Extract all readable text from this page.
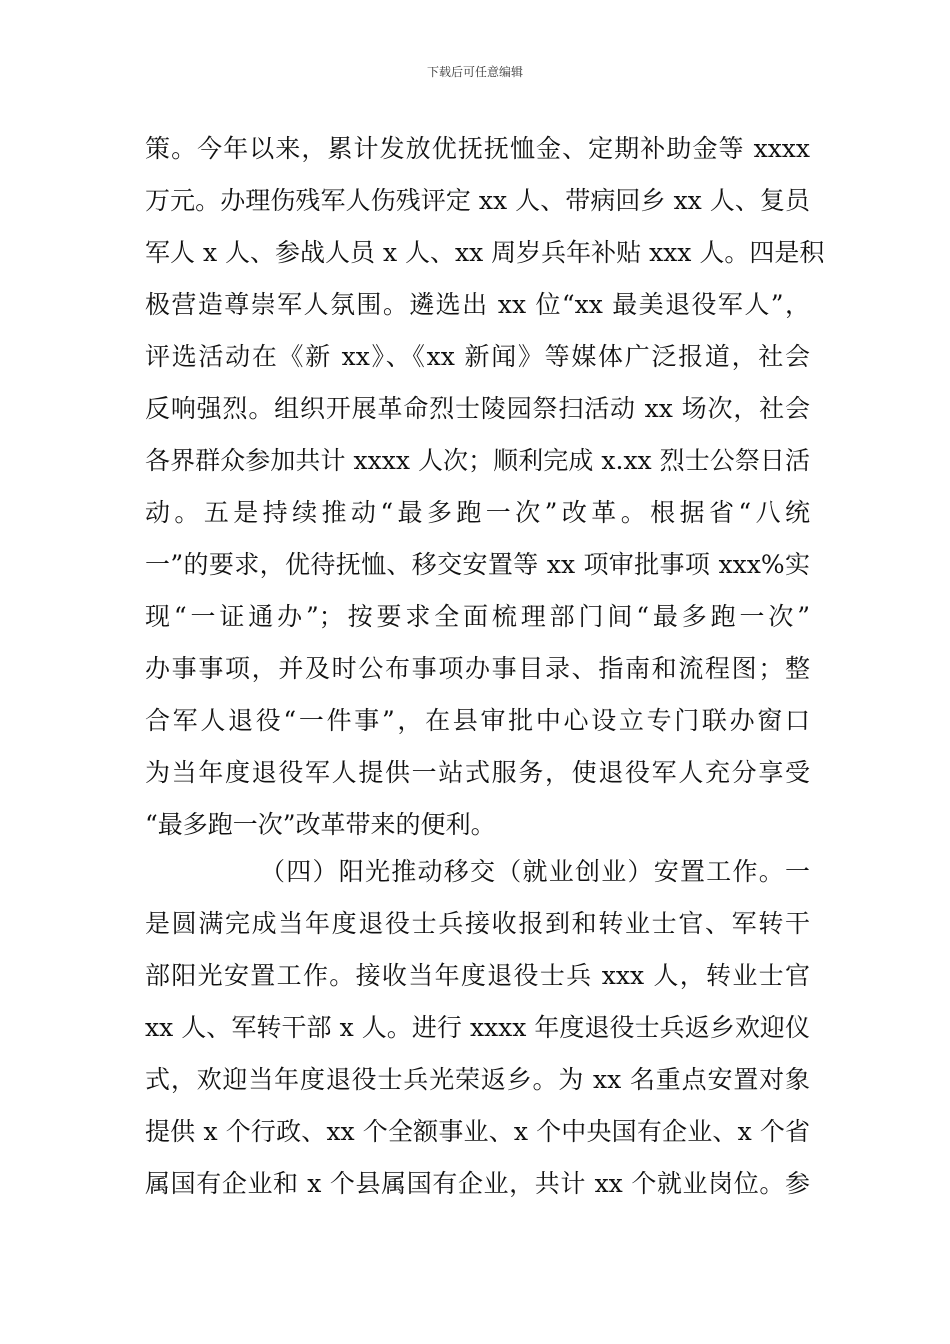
下载后可任意编辑
策。今年以来，累计发放优抚抚恤金、定期补助金等 xxxx
万元。办理伤残军人伤残评定 xx 人、带病回乡 xx 人、复员
军人 x 人、参战人员 x 人、xx 周岁兵年补贴 xxx 人。四是积
极营造尊崇军人氛围。遴选出 xx 位“xx 最美退役军人”，
评选活动在《新 xx》、《xx 新闻》等媒体广泛报道，社会
反响强烈。组织开展革命烈士陵园祭扫活动 xx 场次，社会
各界群众参加共计 xxxx 人次；顺利完成 x.xx 烈士公祭日活
动。五是持续推动“最多跑一次”改革。根据省“八统
一”的要求，优待抚恤、移交安置等 xx 项审批事项 xxx%实
现“一证通办”；按要求全面梳理部门间“最多跑一次”
办事事项，并及时公布事项办事目录、指南和流程图；整
合军人退役“一件事”，在县审批中心设立专门联办窗口
为当年度退役军人提供一站式服务，使退役军人充分享受
“最多跑一次”改革带来的便利。
（四）阳光推动移交（就业创业）安置工作。一
是圆满完成当年度退役士兵接收报到和转业士官、军转干
部阳光安置工作。接收当年度退役士兵 xxx 人，转业士官
xx 人、军转干部 x 人。进行 xxxx 年度退役士兵返乡欢迎仪
式，欢迎当年度退役士兵光荣返乡。为 xx 名重点安置对象
提供 x 个行政、xx 个全额事业、x 个中央国有企业、x 个省
属国有企业和 x 个县属国有企业，共计 xx 个就业岗位。参
